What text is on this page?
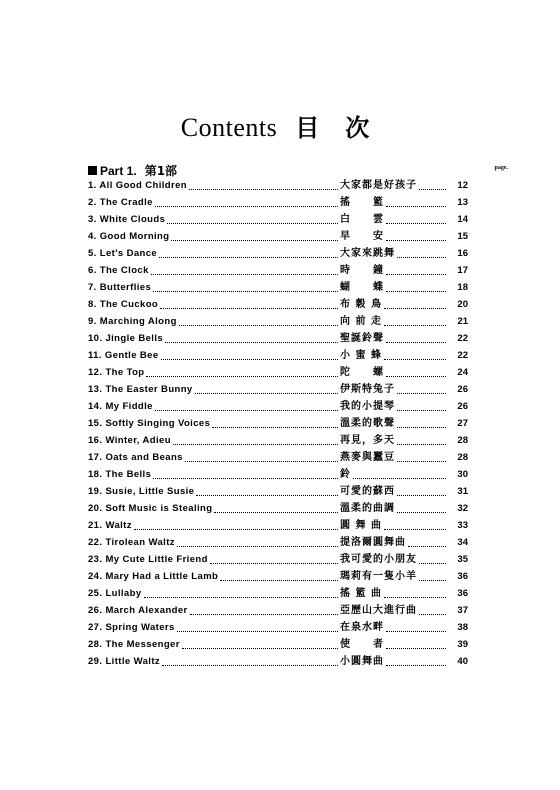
Contents 目 次
Part 1. 第1部	page.
1. All Good Children	大家都是好孩子	12
2. The Cradle	搖　　籃	13
3. White Clouds	白　　雲	14
4. Good Morning	早　　安	15
5. Let's Dance	大家來跳舞	16
6. The Clock	時　　鐘	17
7. Butterflies	蝴　　蝶	18
8. The Cuckoo	布 穀 鳥	20
9. Marching Along	向 前 走	21
10. Jingle Bells	聖誕鈴聲	22
11. Gentle Bee	小 蜜 蜂	22
12. The Top	陀　　螺	24
13. The Easter Bunny	伊斯特兔子	26
14. My Fiddle	我的小提琴	26
15. Softly Singing Voices	溫柔的歌聲	27
16. Winter, Adieu	再見，多天	28
17. Oats and Beans	燕麥與蠶豆	28
18. The Bells	鈴	30
19. Susie, Little Susie	可愛的蘇西	31
20. Soft Music is Stealing	溫柔的曲調	32
21. Waltz	圓 舞 曲	33
22. Tirolean Waltz	提洛爾圓舞曲	34
23. My Cute Little Friend	我可愛的小朋友	35
24. Mary Had a Little Lamb	瑪莉有一隻小羊	36
25. Lullaby	搖 籃 曲	36
26. March Alexander	亞歷山大進行曲	37
27. Spring Waters	在泉水畔	38
28. The Messenger	使　　者	39
29. Little Waltz	小圓舞曲	40
